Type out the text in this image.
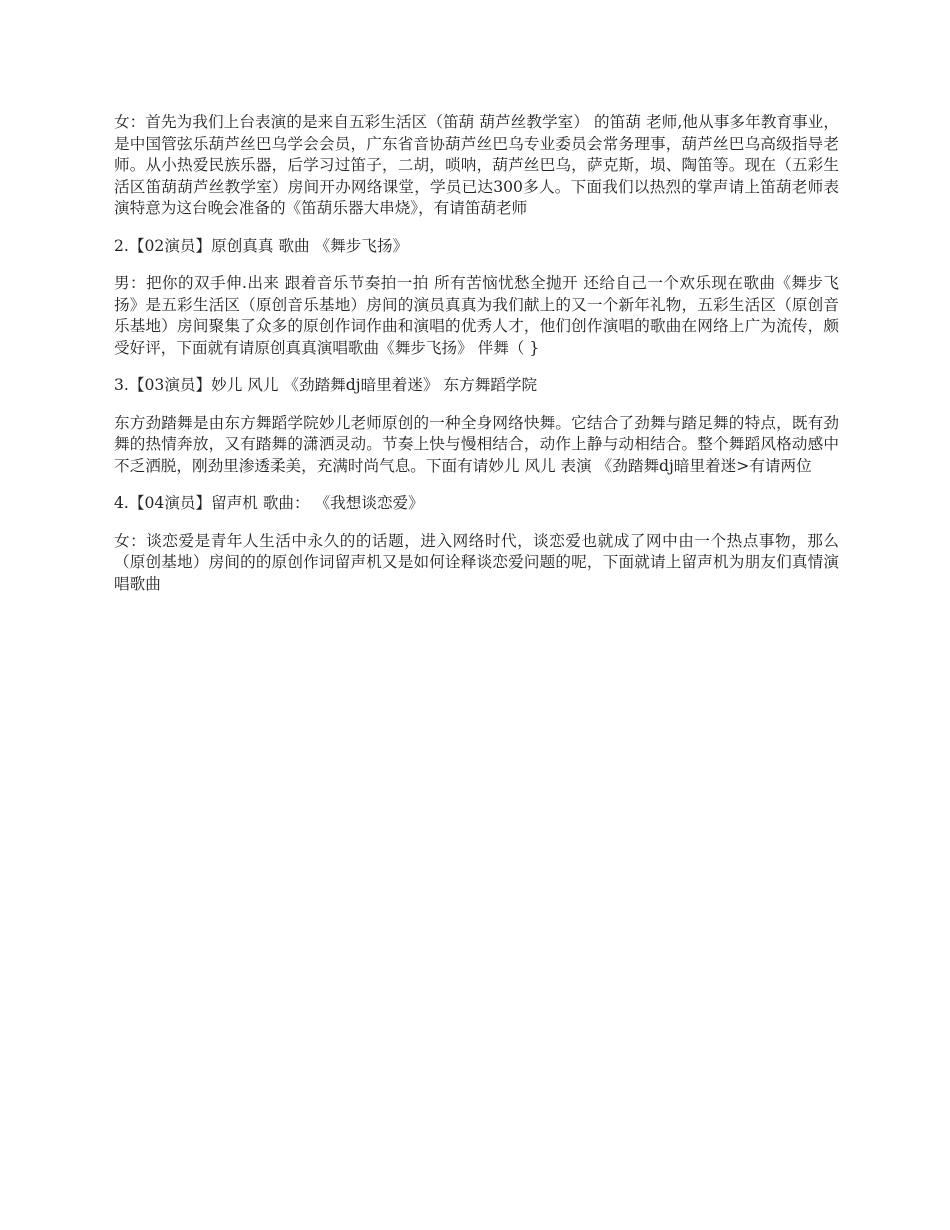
女：首先为我们上台表演的是来自五彩生活区（笛葫 葫芦丝教学室） 的笛葫 老师,他从事多年教育事业，是中国管弦乐葫芦丝巴乌学会会员，广东省音协葫芦丝巴乌专业委员会常务理事，葫芦丝巴乌高级指导老师。从小热爱民族乐器，后学习过笛子，二胡，唢呐，葫芦丝巴乌，萨克斯，埙、陶笛等。现在（五彩生活区笛葫葫芦丝教学室）房间开办网络课堂，学员已达300多人。下面我们以热烈的掌声请上笛葫老师表演特意为这台晚会准备的《笛葫乐器大串烧》，有请笛葫老师

2.【02演员】原创真真 歌曲 《舞步飞扬》

男：把你的双手伸.出来 跟着音乐节奏拍一拍 所有苦恼忧愁全抛开 还给自己一个欢乐现在歌曲《舞步飞扬》是五彩生活区（原创音乐基地）房间的演员真真为我们献上的又一个新年礼物，五彩生活区（原创音乐基地）房间聚集了众多的原创作词作曲和演唱的优秀人才，他们创作演唱的歌曲在网络上广为流传，颇受好评，下面就有请原创真真演唱歌曲《舞步飞扬》 伴舞（ }

3.【03演员】妙儿 风儿 《劲踏舞dj暗里着迷》 东方舞蹈学院

东方劲踏舞是由东方舞蹈学院妙儿老师原创的一种全身网络快舞。它结合了劲舞与踏足舞的特点，既有劲舞的热情奔放，又有踏舞的潇洒灵动。节奏上快与慢相结合，动作上静与动相结合。整个舞蹈风格动感中不乏洒脱，刚劲里渗透柔美，充满时尚气息。下面有请妙儿 风儿 表演 《劲踏舞dj暗里着迷>有请两位

4.【04演员】留声机 歌曲： 《我想谈恋爱》

女：谈恋爱是青年人生活中永久的的话题，进入网络时代，谈恋爱也就成了网中由一个热点事物，那么（原创基地）房间的的原创作词留声机又是如何诠释谈恋爱问题的呢，下面就请上留声机为朋友们真情演唱歌曲
